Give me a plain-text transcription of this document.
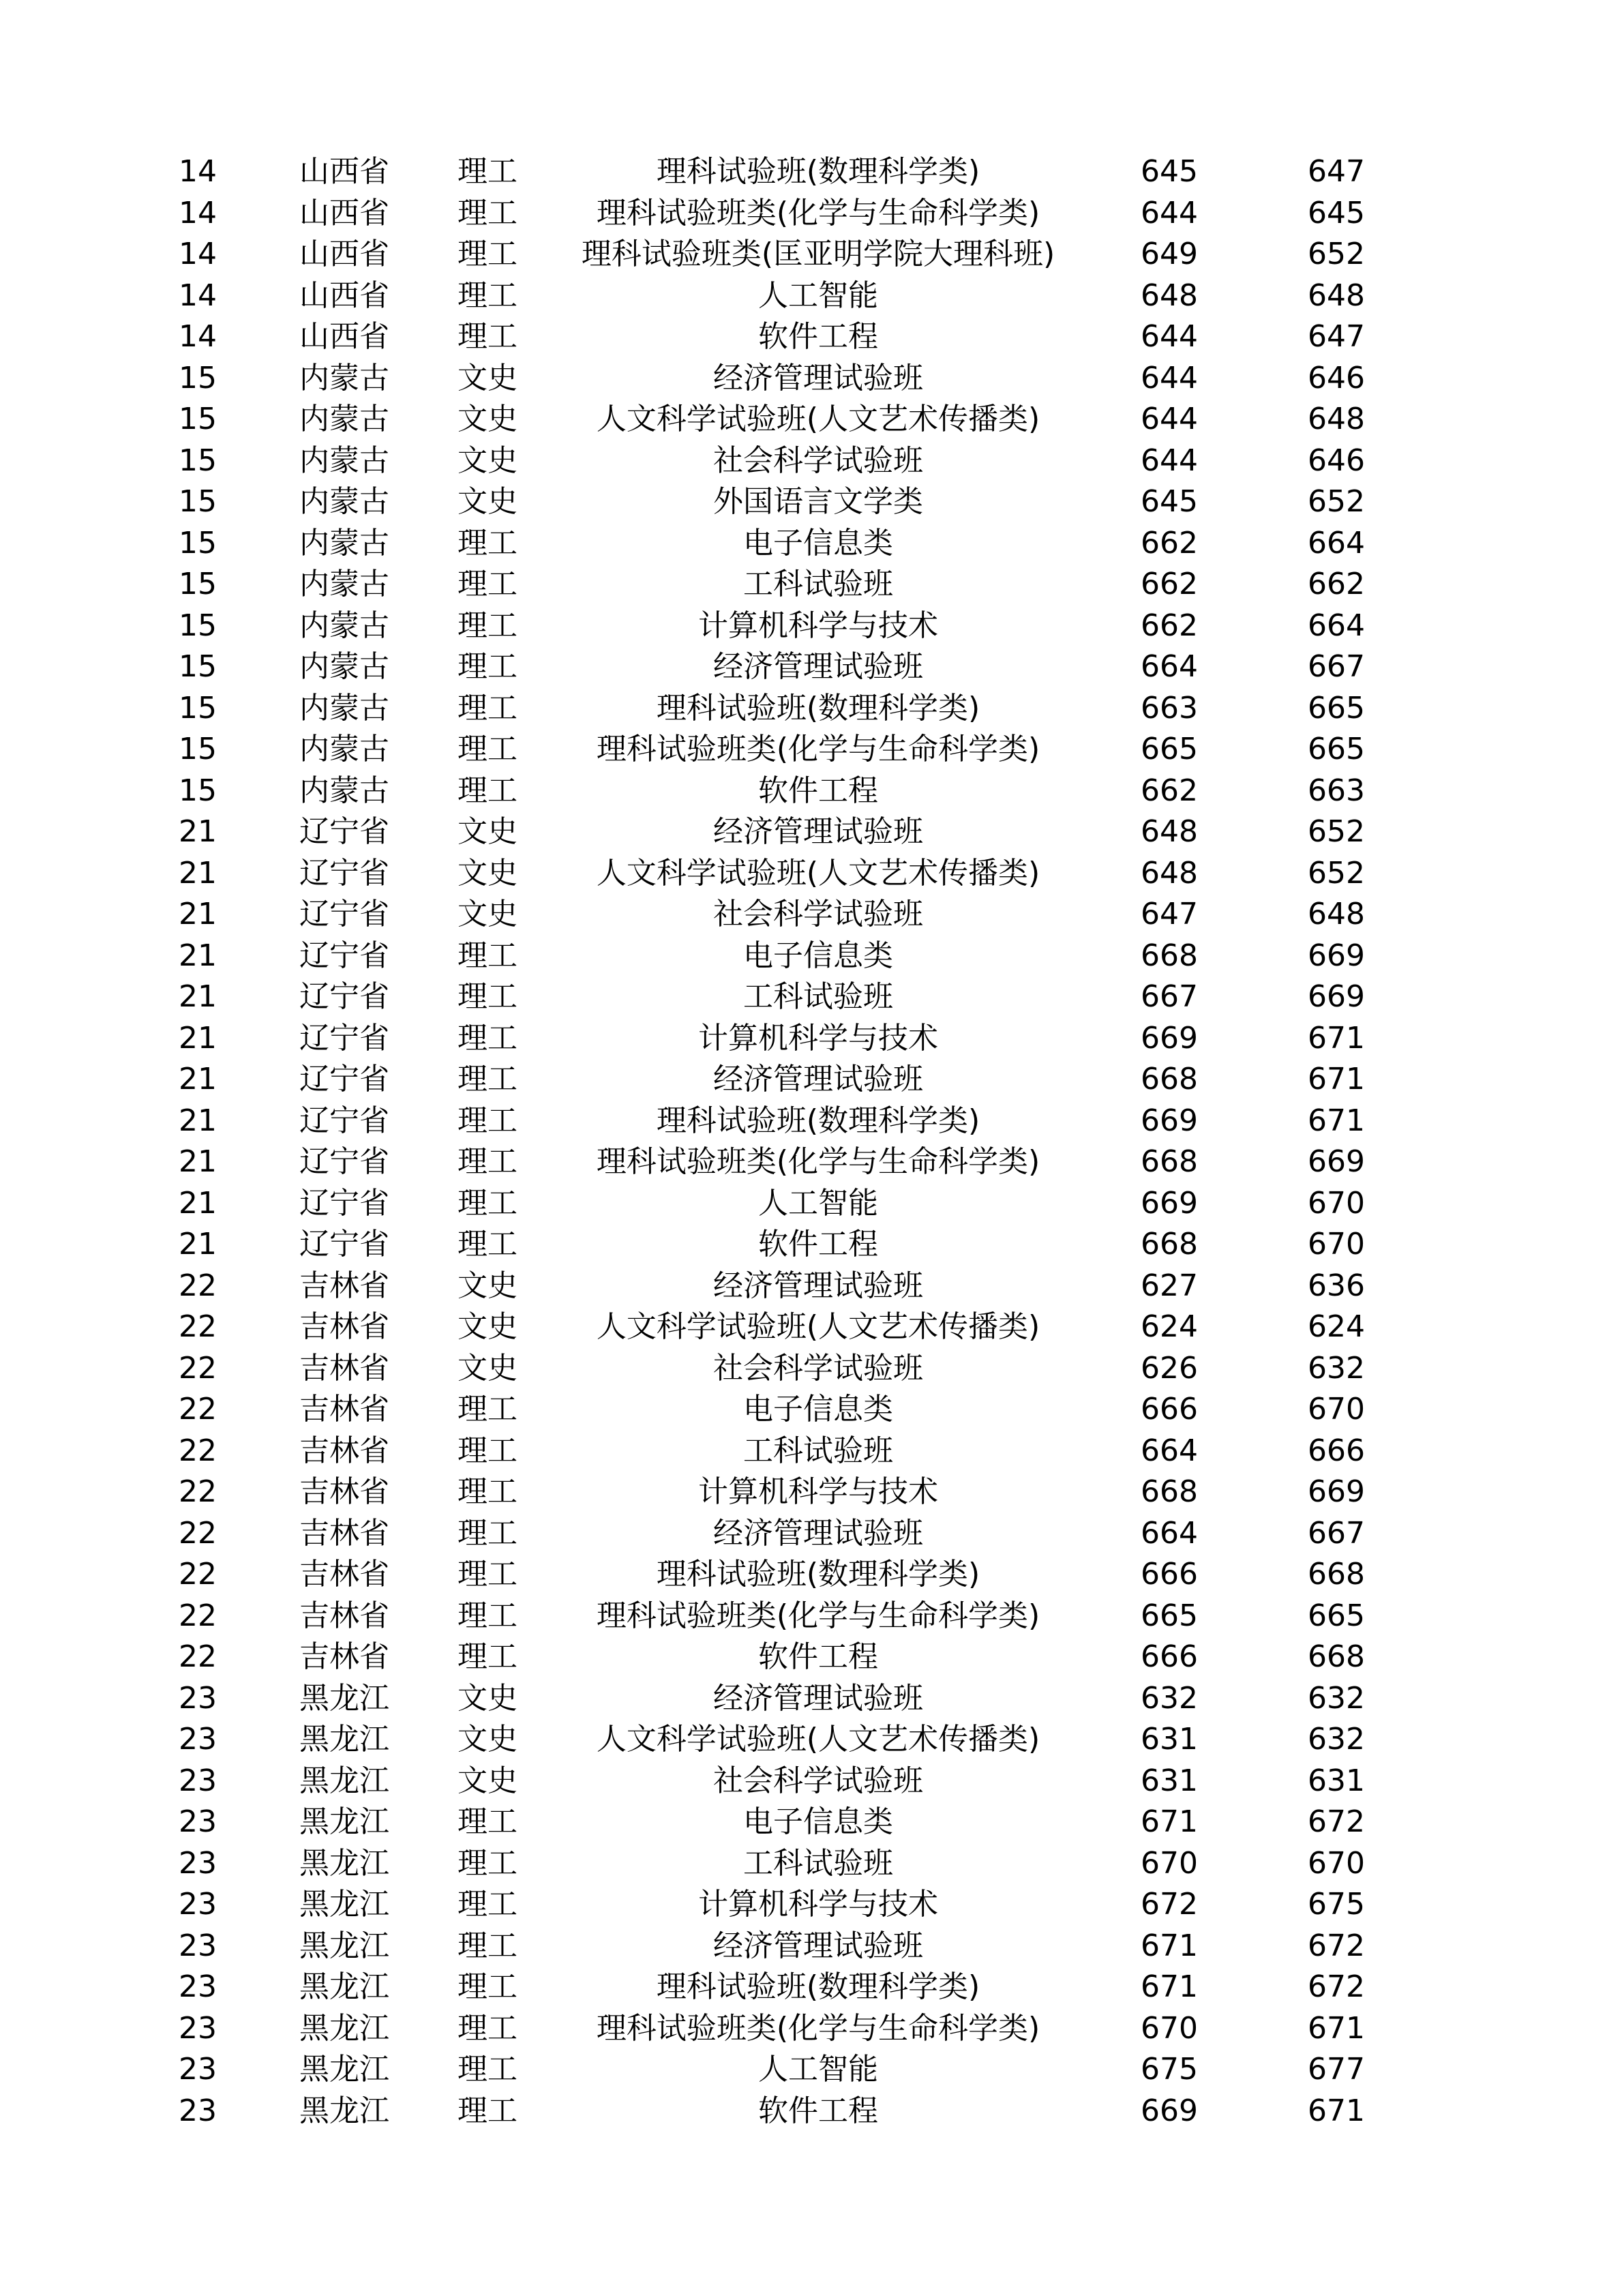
14	山西省	理工	理科试验班(数理科学类)	645	647
14	山西省	理工	理科试验班类(化学与生命科学类)	644	645
14	山西省	理工	理科试验班类(匡亚明学院大理科班)	649	652
14	山西省	理工	人工智能	648	648
14	山西省	理工	软件工程	644	647
15	内蒙古	文史	经济管理试验班	644	646
15	内蒙古	文史	人文科学试验班(人文艺术传播类)	644	648
15	内蒙古	文史	社会科学试验班	644	646
15	内蒙古	文史	外国语言文学类	645	652
15	内蒙古	理工	电子信息类	662	664
15	内蒙古	理工	工科试验班	662	662
15	内蒙古	理工	计算机科学与技术	662	664
15	内蒙古	理工	经济管理试验班	664	667
15	内蒙古	理工	理科试验班(数理科学类)	663	665
15	内蒙古	理工	理科试验班类(化学与生命科学类)	665	665
15	内蒙古	理工	软件工程	662	663
21	辽宁省	文史	经济管理试验班	648	652
21	辽宁省	文史	人文科学试验班(人文艺术传播类)	648	652
21	辽宁省	文史	社会科学试验班	647	648
21	辽宁省	理工	电子信息类	668	669
21	辽宁省	理工	工科试验班	667	669
21	辽宁省	理工	计算机科学与技术	669	671
21	辽宁省	理工	经济管理试验班	668	671
21	辽宁省	理工	理科试验班(数理科学类)	669	671
21	辽宁省	理工	理科试验班类(化学与生命科学类)	668	669
21	辽宁省	理工	人工智能	669	670
21	辽宁省	理工	软件工程	668	670
22	吉林省	文史	经济管理试验班	627	636
22	吉林省	文史	人文科学试验班(人文艺术传播类)	624	624
22	吉林省	文史	社会科学试验班	626	632
22	吉林省	理工	电子信息类	666	670
22	吉林省	理工	工科试验班	664	666
22	吉林省	理工	计算机科学与技术	668	669
22	吉林省	理工	经济管理试验班	664	667
22	吉林省	理工	理科试验班(数理科学类)	666	668
22	吉林省	理工	理科试验班类(化学与生命科学类)	665	665
22	吉林省	理工	软件工程	666	668
23	黑龙江	文史	经济管理试验班	632	632
23	黑龙江	文史	人文科学试验班(人文艺术传播类)	631	632
23	黑龙江	文史	社会科学试验班	631	631
23	黑龙江	理工	电子信息类	671	672
23	黑龙江	理工	工科试验班	670	670
23	黑龙江	理工	计算机科学与技术	672	675
23	黑龙江	理工	经济管理试验班	671	672
23	黑龙江	理工	理科试验班(数理科学类)	671	672
23	黑龙江	理工	理科试验班类(化学与生命科学类)	670	671
23	黑龙江	理工	人工智能	675	677
23	黑龙江	理工	软件工程	669	671
